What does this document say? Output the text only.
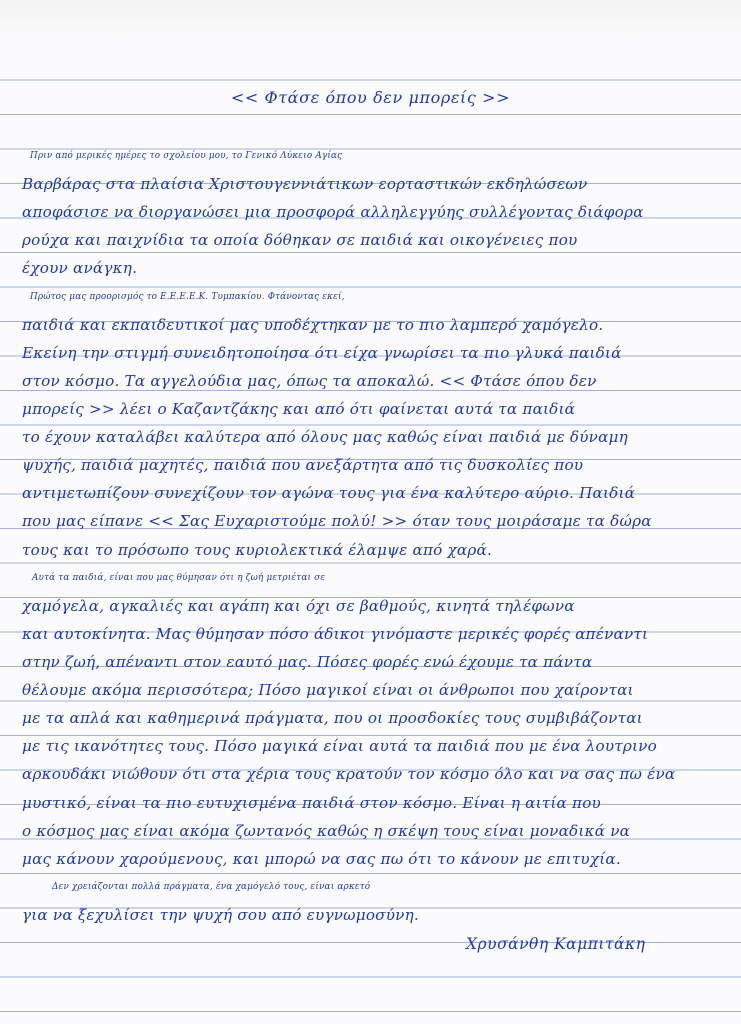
<< Φτάσε όπου δεν μπορείς >>
Πριν από μερικές ημέρες το σχολείου μου, το Γενικό Λύκειο Αγίας
Βαρβάρας στα πλαίσια Χριστουγεννιάτικων εορταστικών εκδηλώσεων
αποφάσισε να διοργανώσει μια προσφορά αλληλεγγύης συλλέγοντας διάφορα
ρούχα και παιχνίδια τα οποία δόθηκαν σε παιδιά και οικογένειες που
έχουν ανάγκη.
Πρώτος μας προορισμός το Ε.Ε.Ε.Ε.Κ. Τυμπακίου. Φτάνοντας εκεί,
παιδιά και εκπαιδευτικοί μας υποδέχτηκαν με το πιο λαμπερό χαμόγελο.
Εκείνη την στιγμή συνειδητοποίησα ότι είχα γνωρίσει τα πιο γλυκά παιδιά
στον κόσμο. Τα αγγελούδια μας, όπως τα αποκαλώ. << Φτάσε όπου δεν
μπορείς >> λέει ο Καζαντζάκης και από ότι φαίνεται αυτά τα παιδιά
το έχουν καταλάβει καλύτερα από όλους μας καθώς είναι παιδιά με δύναμη
ψυχής, παιδιά μαχητές, παιδιά που ανεξάρτητα από τις δυσκολίες που
αντιμετωπίζουν συνεχίζουν τον αγώνα τους για ένα καλύτερο αύριο. Παιδιά
που μας είπανε << Σας Ευχαριστούμε πολύ! >> όταν τους μοιράσαμε τα δώρα
τους και το πρόσωπο τους κυριολεκτικά έλαμψε από χαρά.
Αυτά τα παιδιά, είναι που μας θύμησαν ότι η ζωή μετριέται σε
χαμόγελα, αγκαλιές και αγάπη και όχι σε βαθμούς, κινητά τηλέφωνα
και αυτοκίνητα. Μας θύμησαν πόσο άδικοι γινόμαστε μερικές φορές απέναντι
στην ζωή, απέναντι στον εαυτό μας. Πόσες φορές ενώ έχουμε τα πάντα
θέλουμε ακόμα περισσότερα; Πόσο μαγικοί είναι οι άνθρωποι που χαίρονται
με τα απλά και καθημερινά πράγματα, που οι προσδοκίες τους συμβιβάζονται
με τις ικανότητες τους. Πόσο μαγικά είναι αυτά τα παιδιά που με ένα λουτρινο
αρκουδάκι νιώθουν ότι στα χέρια τους κρατούν τον κόσμο όλο και να σας πω ένα
μυστικό, είναι τα πιο ευτυχισμένα παιδιά στον κόσμο. Είναι η αιτία που
ο κόσμος μας είναι ακόμα ζωντανός καθώς η σκέψη τους είναι μοναδικά να
μας κάνουν χαρούμενους, και μπορώ να σας πω ότι το κάνουν με επιτυχία.
Δεν χρειάζονται πολλά πράγματα, ένα χαμόγελό τους, είναι αρκετό
για να ξεχυλίσει την ψυχή σου από ευγνωμοσύνη.
Χρυσάνθη Καμπιτάκη
